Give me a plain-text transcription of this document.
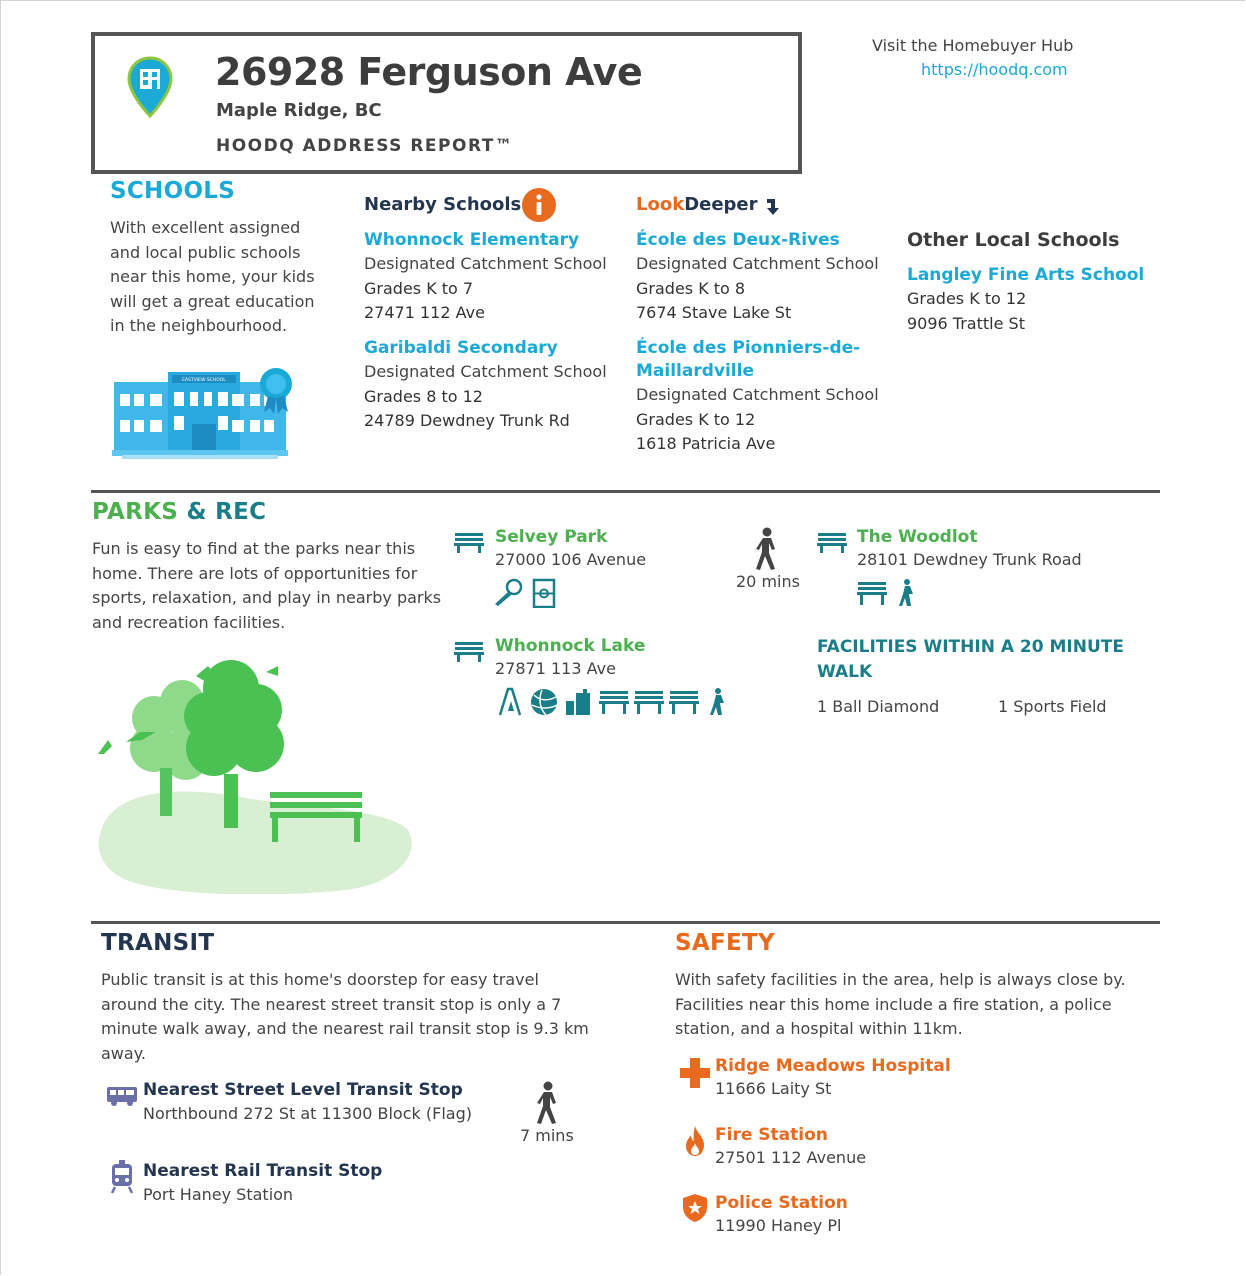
26928 Ferguson Ave
Maple Ridge, BC
HOODQ ADDRESS REPORT™
Visit the Homebuyer Hub
https://hoodq.com
SCHOOLS
With excellent assigned
and local public schools
near this home, your kids
will get a great education
in the neighbourhood.
EASTVIEW SCHOOL
Nearby Schools
Whonnock Elementary
Designated Catchment School
Grades K to 7
27471 112 Ave
Garibaldi Secondary
Designated Catchment School
Grades 8 to 12
24789 Dewdney Trunk Rd
LookDeeper
École des Deux-Rives
Designated Catchment School
Grades K to 8
7674 Stave Lake St
École des Pionniers-de-
Maillardville
Designated Catchment School
Grades K to 12
1618 Patricia Ave
Other Local Schools
Langley Fine Arts School
Grades K to 12
9096 Trattle St
PARKS & REC
Fun is easy to find at the parks near this
home. There are lots of opportunities for
sports, relaxation, and play in nearby parks
and recreation facilities.
Selvey Park
27000 106 Avenue
Whonnock Lake
27871 113 Ave
20 mins
The Woodlot
28101 Dewdney Trunk Road
FACILITIES WITHIN A 20 MINUTE
WALK
1 Ball Diamond	1 Sports Field
TRANSIT
Public transit is at this home's doorstep for easy travel
around the city. The nearest street transit stop is only a 7
minute walk away, and the nearest rail transit stop is 9.3 km
away.
Nearest Street Level Transit Stop
Northbound 272 St at 11300 Block (Flag)
7 mins
Nearest Rail Transit Stop
Port Haney Station
SAFETY
With safety facilities in the area, help is always close by.
Facilities near this home include a fire station, a police
station, and a hospital within 11km.
Ridge Meadows Hospital
11666 Laity St
Fire Station
27501 112 Avenue
Police Station
11990 Haney Pl
